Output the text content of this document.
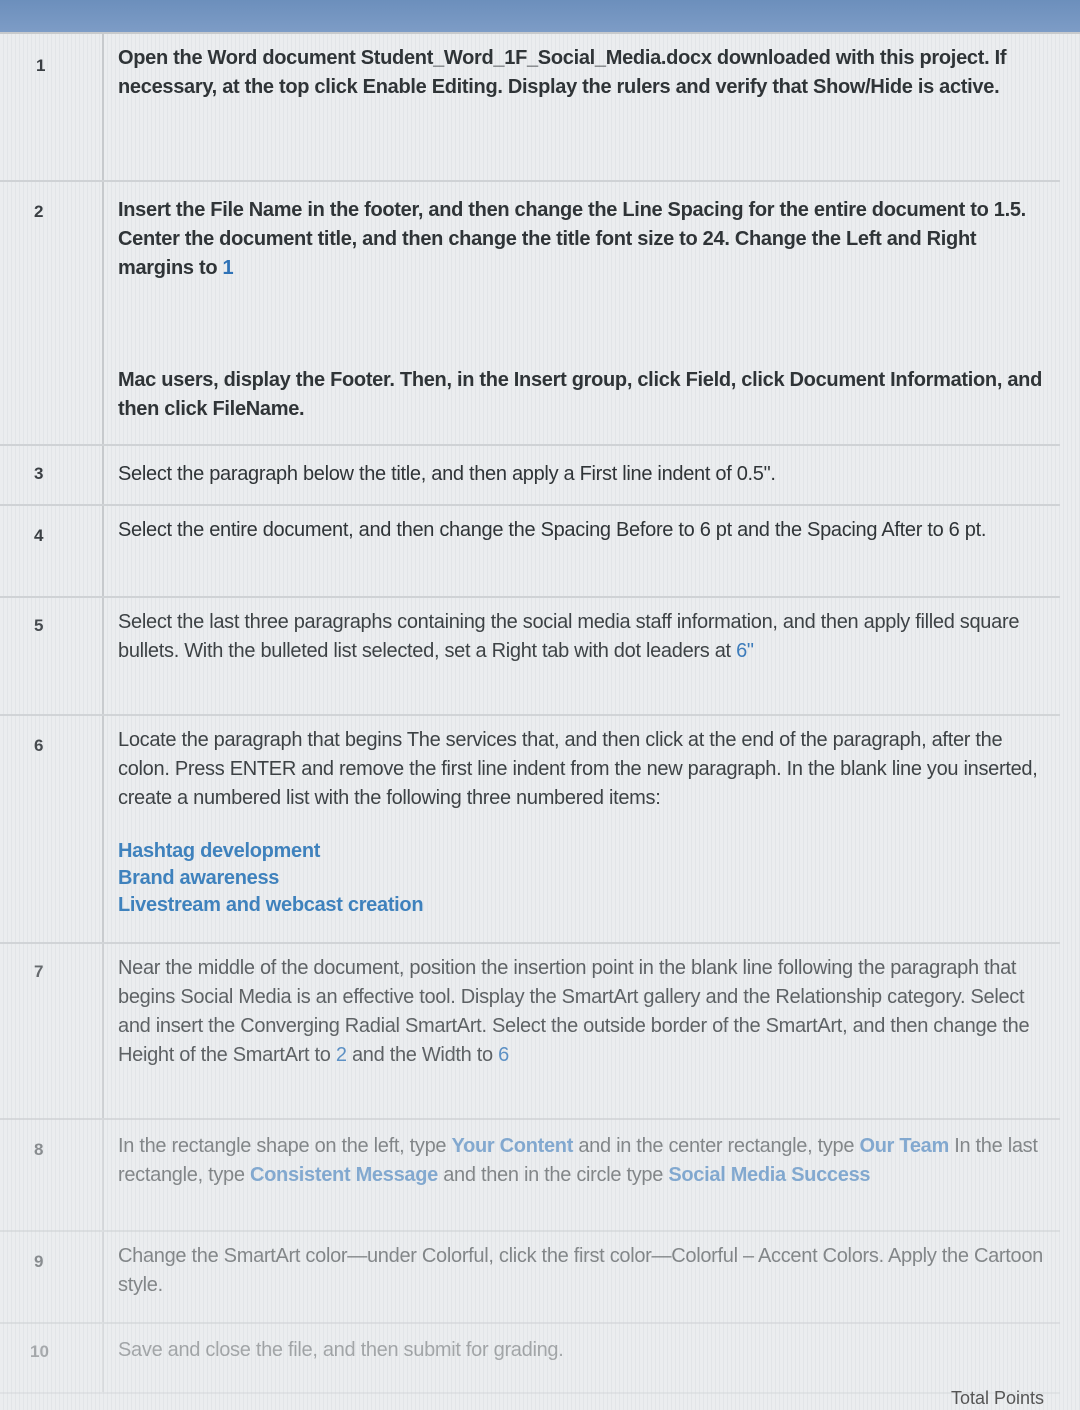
1	Open the Word document Student_Word_1F_Social_Media.docx downloaded with this project. If necessary, at the top click Enable Editing. Display the rulers and verify that Show/Hide is active.
2	Insert the File Name in the footer, and then change the Line Spacing for the entire document to 1.5. Center the document title, and then change the title font size to 24. Change the Left and Right margins to 1
Mac users, display the Footer. Then, in the Insert group, click Field, click Document Information, and then click FileName.
3	Select the paragraph below the title, and then apply a First line indent of 0.5".
4	Select the entire document, and then change the Spacing Before to 6 pt and the Spacing After to 6 pt.
5	Select the last three paragraphs containing the social media staff information, and then apply filled square bullets. With the bulleted list selected, set a Right tab with dot leaders at 6"
6	Locate the paragraph that begins The services that, and then click at the end of the paragraph, after the colon. Press ENTER and remove the first line indent from the new paragraph. In the blank line you inserted, create a numbered list with the following three numbered items:
Hashtag development
Brand awareness
Livestream and webcast creation
7	Near the middle of the document, position the insertion point in the blank line following the paragraph that begins Social Media is an effective tool. Display the SmartArt gallery and the Relationship category. Select and insert the Converging Radial SmartArt. Select the outside border of the SmartArt, and then change the Height of the SmartArt to 2 and the Width to 6
8	In the rectangle shape on the left, type Your Content and in the center rectangle, type Our Team In the last rectangle, type Consistent Message and then in the circle type Social Media Success
9	Change the SmartArt color—under Colorful, click the first color—Colorful – Accent Colors. Apply the Cartoon style.
10	Save and close the file, and then submit for grading.
Total Points
